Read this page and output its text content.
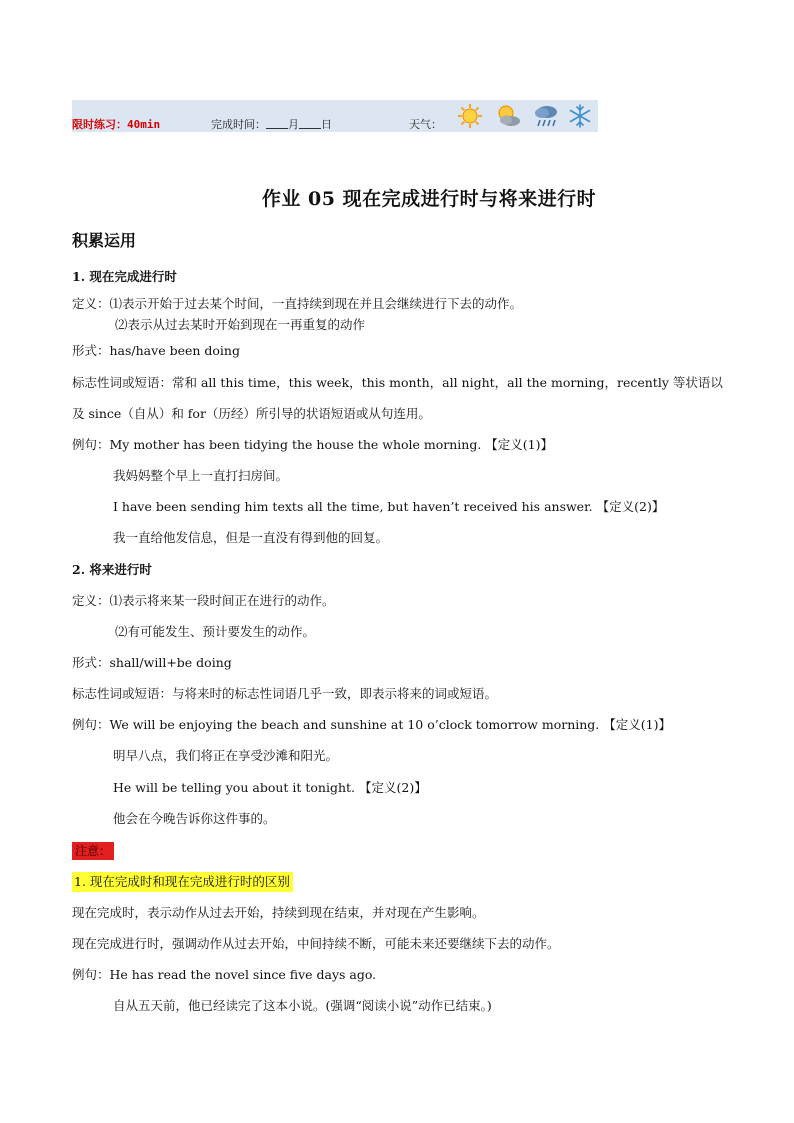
限时练习：40min	完成时间： 月 日	天气：
作业 05 现在完成进行时与将来进行时
积累运用
1. 现在完成进行时
定义：⑴表示开始于过去某个时间，一直持续到现在并且会继续进行下去的动作。
⑵表示从过去某时开始到现在一再重复的动作
形式：has/have been doing
标志性词或短语：常和 all this time，this week，this month，all night，all the morning，recently 等状语以
及 since（自从）和 for（历经）所引导的状语短语或从句连用。
例句：My mother has been tidying the house the whole morning. 【定义(1)】
我妈妈整个早上一直打扫房间。
I have been sending him texts all the time, but haven’t received his answer. 【定义(2)】
我一直给他发信息，但是一直没有得到他的回复。
2. 将来进行时
定义：⑴表示将来某一段时间正在进行的动作。
⑵有可能发生、预计要发生的动作。
形式：shall/will+be doing
标志性词或短语：与将来时的标志性词语几乎一致，即表示将来的词或短语。
例句：We will be enjoying the beach and sunshine at 10 o’clock tomorrow morning. 【定义(1)】
明早八点，我们将正在享受沙滩和阳光。
He will be telling you about it tonight. 【定义(2)】
他会在今晚告诉你这件事的。
注意：
1. 现在完成时和现在完成进行时的区别
现在完成时，表示动作从过去开始，持续到现在结束，并对现在产生影响。
现在完成进行时，强调动作从过去开始，中间持续不断，可能未来还要继续下去的动作。
例句：He has read the novel since five days ago.
自从五天前，他已经读完了这本小说。(强调“阅读小说”动作已结束。)
